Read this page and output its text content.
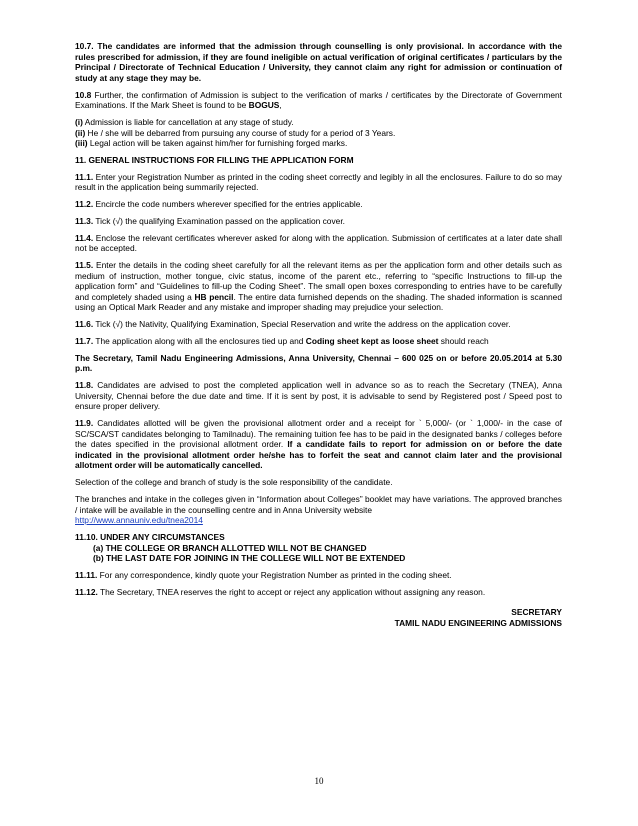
10.7. The candidates are informed that the admission through counselling is only provisional. In accordance with the rules prescribed for admission, if they are found ineligible on actual verification of original certificates / particulars by the Principal / Directorate of Technical Education / University, they cannot claim any right for admission or continuation of study at any stage they may be.

10.8 Further, the confirmation of Admission is subject to the verification of marks / certificates by the Directorate of Government Examinations. If the Mark Sheet is found to be BOGUS,

(i) Admission is liable for cancellation at any stage of study.
(ii) He / she will be debarred from pursuing any course of study for a period of 3 Years.
(iii) Legal action will be taken against him/her for furnishing forged marks.

11. GENERAL INSTRUCTIONS FOR FILLING THE APPLICATION FORM

11.1. Enter your Registration Number as printed in the coding sheet correctly and legibly in all the enclosures. Failure to do so may result in the application being summarily rejected.

11.2. Encircle the code numbers wherever specified for the entries applicable.

11.3. Tick (√) the qualifying Examination passed on the application cover.

11.4. Enclose the relevant certificates wherever asked for along with the application. Submission of certificates at a later date shall not be accepted.

11.5. Enter the details in the coding sheet carefully for all the relevant items as per the application form and other details such as medium of instruction, mother tongue, civic status, income of the parent etc., referring to “specific Instructions to fill-up the application form” and “Guidelines to fill-up the Coding Sheet”. The small open boxes corresponding to entries have to be carefully and completely shaded using a HB pencil. The entire data furnished depends on the shading. The shaded information is scanned using an Optical Mark Reader and any mistake and improper shading may prejudice your selection.

11.6. Tick (√) the Nativity, Qualifying Examination, Special Reservation and write the address on the application cover.

11.7. The application along with all the enclosures tied up and Coding sheet kept as loose sheet should reach

The Secretary, Tamil Nadu Engineering Admissions, Anna University, Chennai – 600 025 on or before 20.05.2014 at 5.30 p.m.

11.8. Candidates are advised to post the completed application well in advance so as to reach the Secretary (TNEA), Anna University, Chennai before the due date and time. If it is sent by post, it is advisable to send by Registered post / Speed post to ensure proper delivery.

11.9. Candidates allotted will be given the provisional allotment order and a receipt for ` 5,000/- (or ` 1,000/- in the case of SC/SCA/ST candidates belonging to Tamilnadu). The remaining tuition fee has to be paid in the designated banks / colleges before the dates specified in the provisional allotment order. If a candidate fails to report for admission on or before the date indicated in the provisional allotment order he/she has to forfeit the seat and cannot claim later and the provisional allotment order will be automatically cancelled.

Selection of the college and branch of study is the sole responsibility of the candidate.

The branches and intake in the colleges given in “Information about Colleges” booklet may have variations. The approved branches / intake will be available in the counselling centre and in Anna University website

http://www.annauniv.edu/tnea2014

11.10. UNDER ANY CIRCUMSTANCES
(a) THE COLLEGE OR BRANCH ALLOTTED WILL NOT BE CHANGED
(b) THE LAST DATE FOR JOINING IN THE COLLEGE WILL NOT BE EXTENDED

11.11. For any correspondence, kindly quote your Registration Number as printed in the coding sheet.

11.12. The Secretary, TNEA reserves the right to accept or reject any application without assigning any reason.

SECRETARY
TAMIL NADU ENGINEERING ADMISSIONS
10
